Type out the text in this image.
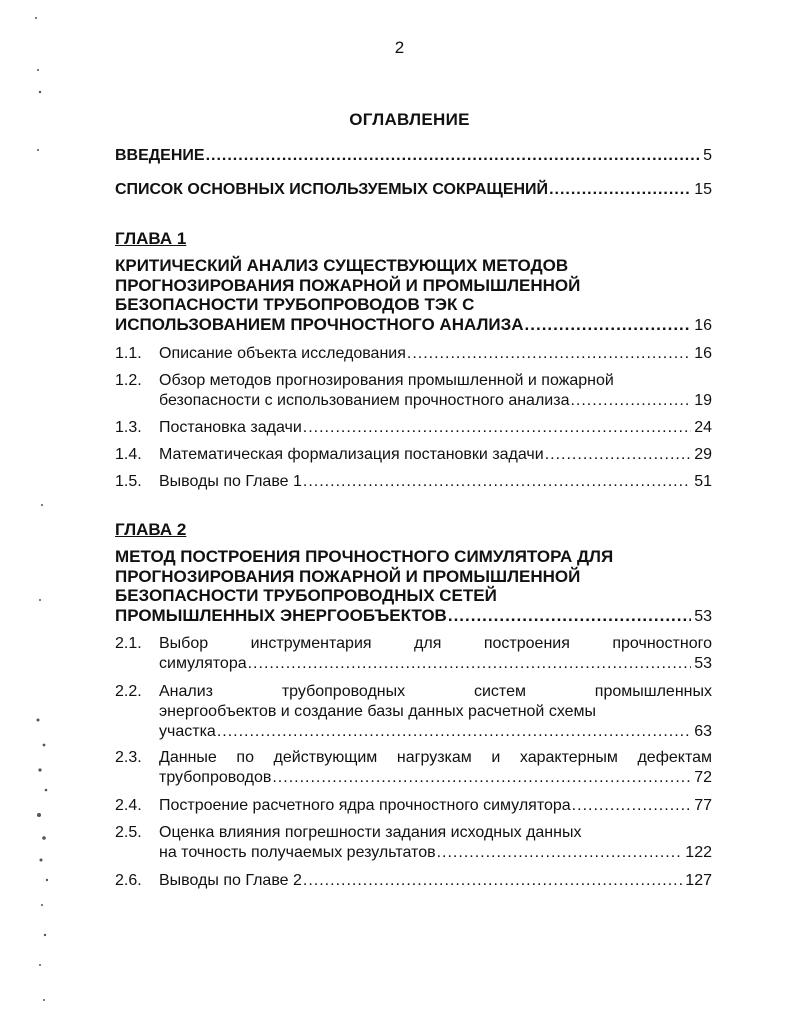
2
ОГЛАВЛЕНИЕ
ВВЕДЕНИЕ .....	5
СПИСОК ОСНОВНЫХ ИСПОЛЬЗУЕМЫХ СОКРАЩЕНИЙ .....	15
ГЛАВА 1
КРИТИЧЕСКИЙ АНАЛИЗ СУЩЕСТВУЮЩИХ МЕТОДОВ
ПРОГНОЗИРОВАНИЯ ПОЖАРНОЙ И ПРОМЫШЛЕННОЙ
БЕЗОПАСНОСТИ ТРУБОПРОВОДОВ ТЭК С
ИСПОЛЬЗОВАНИЕМ ПРОЧНОСТНОГО АНАЛИЗА .....	16
1.1. Описание объекта исследования .....	16
1.2. Обзор методов прогнозирования промышленной и пожарной
безопасности с использованием прочностного анализа .....	19
1.3. Постановка задачи .....	24
1.4. Математическая формализация постановки задачи .....	29
1.5. Выводы по Главе 1 .....	51
ГЛАВА 2
МЕТОД ПОСТРОЕНИЯ ПРОЧНОСТНОГО СИМУЛЯТОРА ДЛЯ
ПРОГНОЗИРОВАНИЯ ПОЖАРНОЙ И ПРОМЫШЛЕННОЙ
БЕЗОПАСНОСТИ ТРУБОПРОВОДНЫХ СЕТЕЙ
ПРОМЫШЛЕННЫХ ЭНЕРГООБЪЕКТОВ .....	53
2.1. Выбор инструментария для построения прочностного
симулятора .....	53
2.2. Анализ трубопроводных систем промышленных
энергообъектов и создание базы данных расчетной схемы
участка .....	63
2.3. Данные по действующим нагрузкам и характерным дефектам
трубопроводов .....	72
2.4. Построение расчетного ядра прочностного симулятора .....	77
2.5. Оценка влияния погрешности задания исходных данных
на точность получаемых результатов .....	122
2.6. Выводы по Главе 2 .....	127
